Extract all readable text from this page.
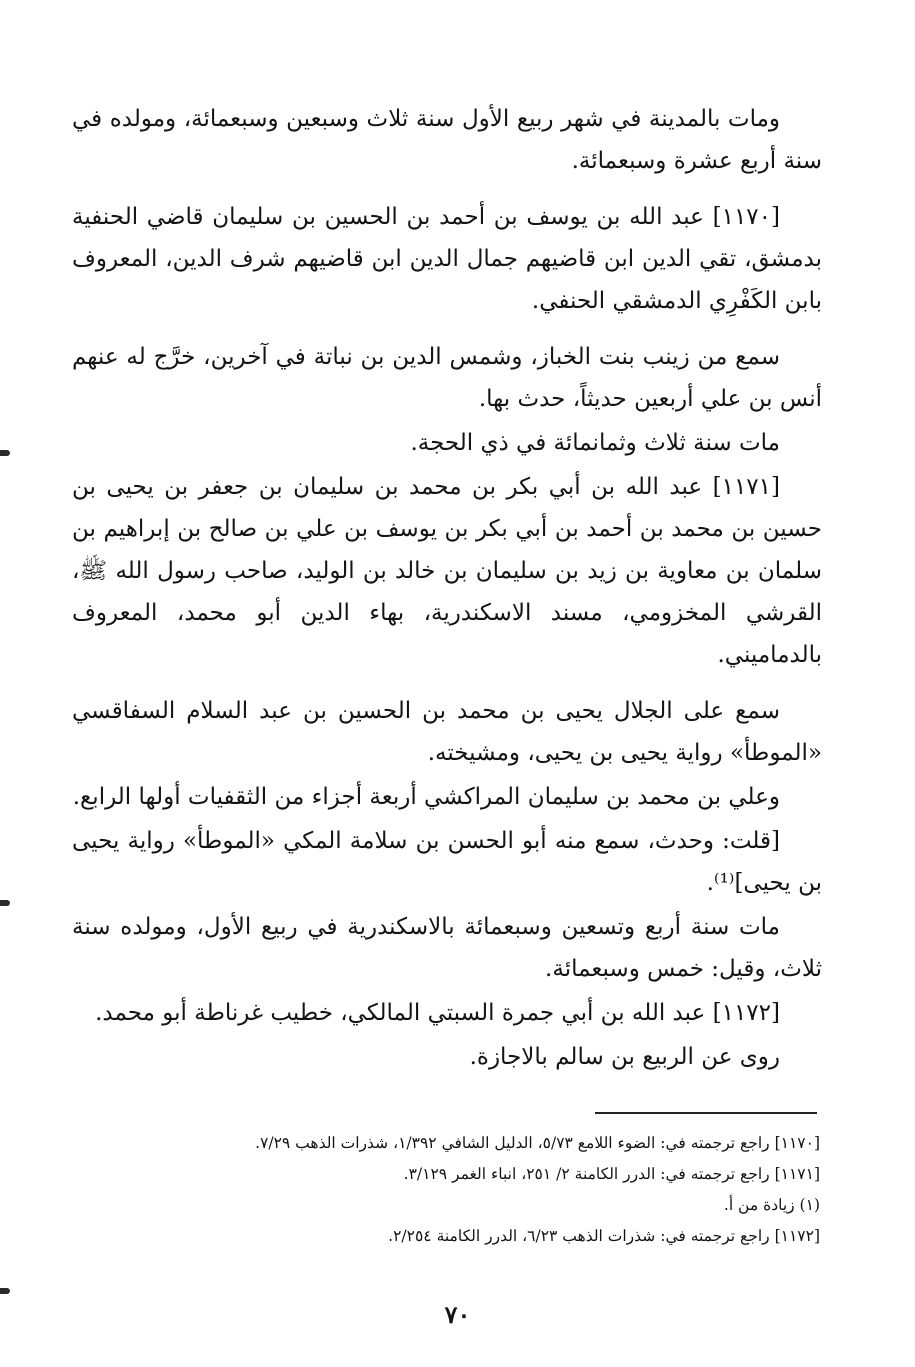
ومات بالمدينة في شهر ربيع الأول سنة ثلاث وسبعين وسبعمائة، ومولده في سنة أربع عشرة وسبعمائة.

[١١٧٠] عبد الله بن يوسف بن أحمد بن الحسين بن سليمان قاضي الحنفية بدمشق، تقي الدين ابن قاضيهم جمال الدين ابن قاضيهم شرف الدين، المعروف بابن الكَفْرِي الدمشقي الحنفي.

سمع من زينب بنت الخباز، وشمس الدين بن نباتة في آخرين، خرَّج له عنهم أنس بن علي أربعين حديثاً، حدث بها.

مات سنة ثلاث وثمانمائة في ذي الحجة.

[١١٧١] عبد الله بن أبي بكر بن محمد بن سليمان بن جعفر بن يحيى بن حسين بن محمد بن أحمد بن أبي بكر بن يوسف بن علي بن صالح بن إبراهيم بن سلمان بن معاوية بن زيد بن سليمان بن خالد بن الوليد، صاحب رسول الله ﷺ، القرشي المخزومي، مسند الاسكندرية، بهاء الدين أبو محمد، المعروف بالدماميني.

سمع على الجلال يحيى بن محمد بن الحسين بن عبد السلام السفاقسي «الموطأ» رواية يحيى بن يحيى، ومشيخته.

وعلي بن محمد بن سليمان المراكشي أربعة أجزاء من الثقفيات أولها الرابع.

[قلت: وحدث، سمع منه أبو الحسن بن سلامة المكي «الموطأ» رواية يحيى بن يحيى]⁽¹⁾.

مات سنة أربع وتسعين وسبعمائة بالاسكندرية في ربيع الأول، ومولده سنة ثلاث، وقيل: خمس وسبعمائة.

[١١٧٢] عبد الله بن أبي جمرة السبتي المالكي، خطيب غرناطة أبو محمد.

روى عن الربيع بن سالم بالاجازة.

[١١٧٠] راجع ترجمته في: الضوء اللامع ٥/٧٣، الدليل الشافي ١/٣٩٢، شذرات الذهب ٧/٢٩.
[١١٧١] راجع ترجمته في: الدرر الكامنة ٢/ ٢٥١، انباء الغمر ٣/١٢٩.
(١) زيادة من أ.
[١١٧٢] راجع ترجمته في: شذرات الذهب ٦/٢٣، الدرر الكامنة ٢/٢٥٤.
٧٠
